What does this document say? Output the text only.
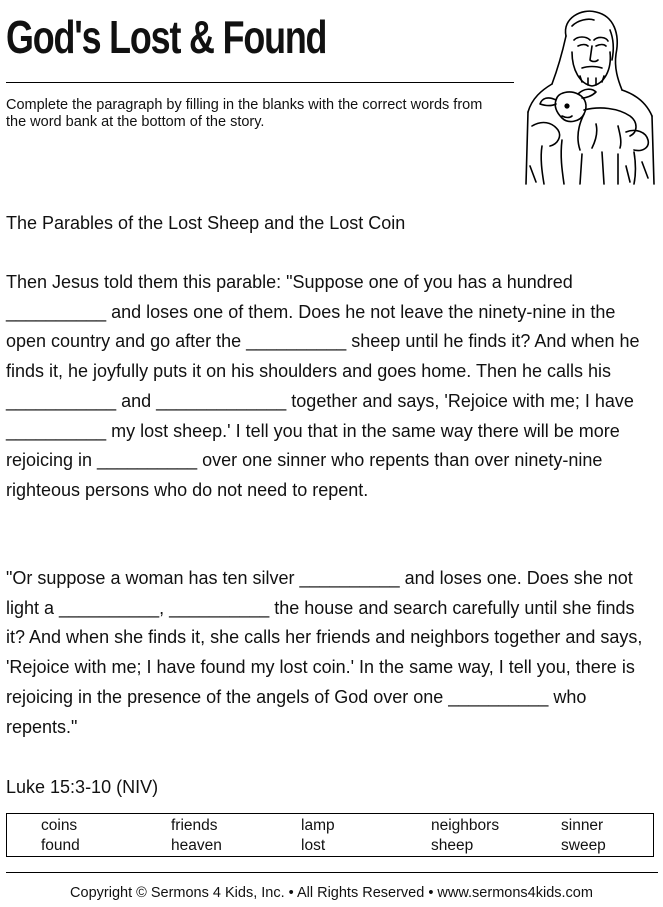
God's Lost & Found
Complete the paragraph by filling in the blanks with the correct words from the word bank at the bottom of the story.
The Parables of the Lost Sheep and the Lost Coin

Then Jesus told them this parable: "Suppose one of you has a hundred __________ and loses one of them. Does he not leave the ninety-nine in the open country and go after the __________ sheep until he finds it? And when he finds it, he joyfully puts it on his shoulders and goes home. Then he calls his ___________ and _____________ together and says, 'Rejoice with me; I have __________ my lost sheep.' I tell you that in the same way there will be more rejoicing in __________ over one sinner who repents than over ninety-nine righteous persons who do not need to repent.

"Or suppose a woman has ten silver __________ and loses one. Does she not light a __________, __________ the house and search carefully until she finds it? And when she finds it, she calls her friends and neighbors together and says, 'Rejoice with me; I have found my lost coin.' In the same way, I tell you, there is rejoicing in the presence of the angels of God over one __________ who repents."

Luke 15:3-10 (NIV)
coins
found
friends
heaven
lamp
lost
neighbors
sheep
sinner
sweep
Copyright © Sermons 4 Kids, Inc. • All Rights Reserved • www.sermons4kids.com
